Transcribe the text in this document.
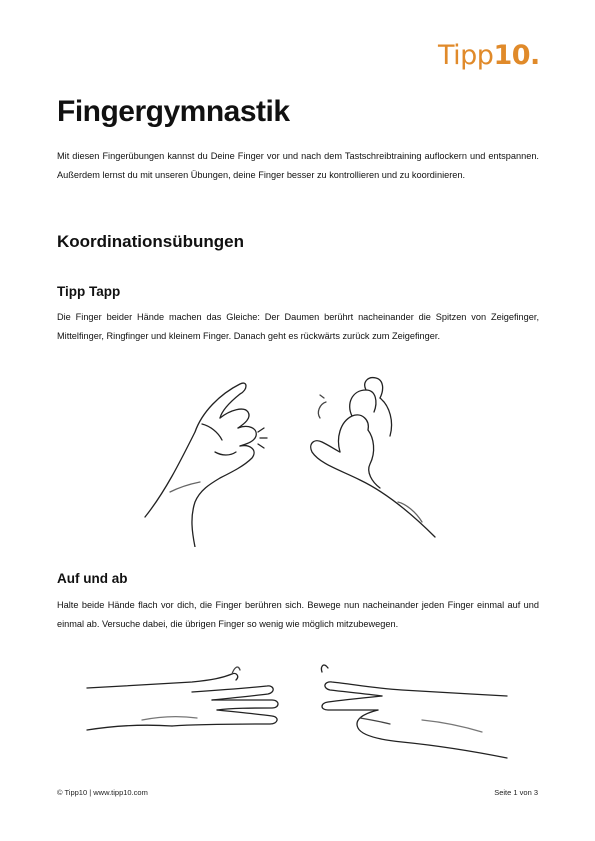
Tipp10.
Fingergymnastik

Mit diesen Fingerübungen kannst du Deine Finger vor und nach dem Tastschreibtraining auflockern und entspannen. Außerdem lernst du mit unseren Übungen, deine Finger besser zu kontrollieren und zu koordinieren.

Koordinationsübungen
Tipp Tapp

Die Finger beider Hände machen das Gleiche: Der Daumen berührt nacheinander die Spitzen von Zeigefinger, Mittelfinger, Ringfinger und kleinem Finger. Danach geht es rückwärts zurück zum Zeigefinger.

Auf und ab

Halte beide Hände flach vor dich, die Finger berühren sich. Bewege nun nacheinander jeden Finger einmal auf und einmal ab. Versuche dabei, die übrigen Finger so wenig wie möglich mitzubewegen.

© Tipp10 | www.tipp10.com	Seite 1 von 3
